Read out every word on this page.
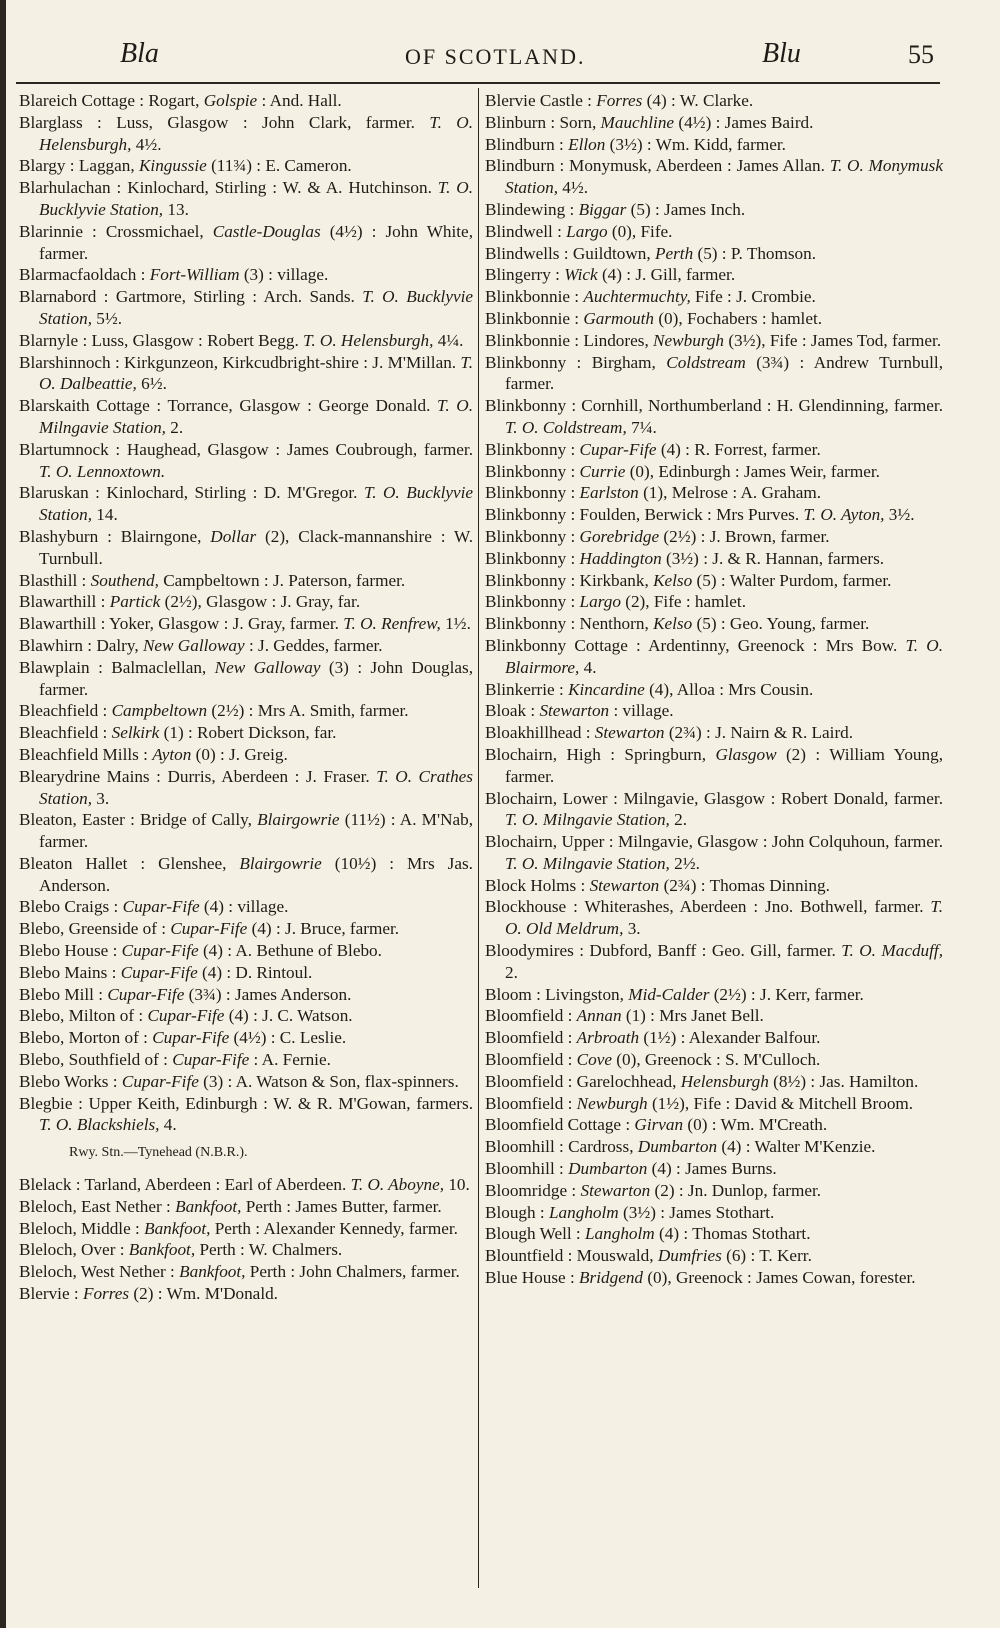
Bla	OF SCOTLAND.	Blu	55
Blareich Cottage : Rogart, Golspie : And. Hall.
Blarglass : Luss, Glasgow : John Clark, farmer. T. O. Helensburgh, 4½.
Blargy : Laggan, Kingussie (11¾) : E. Cameron.
Blarhulachan : Kinlochard, Stirling : W. & A. Hutchinson. T. O. Bucklyvie Station, 13.
Blarinnie : Crossmichael, Castle-Douglas (4½) : John White, farmer.
Blarmacfaoldach : Fort-William (3) : village.
Blarnabord : Gartmore, Stirling : Arch. Sands. T. O. Bucklyvie Station, 5½.
Blarnyle : Luss, Glasgow : Robert Begg. T. O. Helensburgh, 4¼.
Blarshinnoch : Kirkgunzeon, Kirkcudbright-shire : J. M'Millan. T. O. Dalbeattie, 6½.
Blarskaith Cottage : Torrance, Glasgow : George Donald. T. O. Milngavie Station, 2.
Blartumnock : Haughead, Glasgow : James Coubrough, farmer. T. O. Lennoxtown.
Blaruskan : Kinlochard, Stirling : D. M'Gregor. T. O. Bucklyvie Station, 14.
Blashyburn : Blairngone, Dollar (2), Clack-mannanshire : W. Turnbull.
Blasthill : Southend, Campbeltown : J. Paterson, farmer.
Blawarthill : Partick (2½), Glasgow : J. Gray, far.
Blawarthill : Yoker, Glasgow : J. Gray, farmer. T. O. Renfrew, 1½.
Blawhirn : Dalry, New Galloway : J. Geddes, farmer.
Blawplain : Balmaclellan, New Galloway (3) : John Douglas, farmer.
Bleachfield : Campbeltown (2½) : Mrs A. Smith, farmer.
Bleachfield : Selkirk (1) : Robert Dickson, far.
Bleachfield Mills : Ayton (0) : J. Greig.
Blearydrine Mains : Durris, Aberdeen : J. Fraser. T. O. Crathes Station, 3.
Bleaton, Easter : Bridge of Cally, Blairgowrie (11½) : A. M'Nab, farmer.
Bleaton Hallet : Glenshee, Blairgowrie (10½) : Mrs Jas. Anderson.
Blebo Craigs : Cupar-Fife (4) : village.
Blebo, Greenside of : Cupar-Fife (4) : J. Bruce, farmer.
Blebo House : Cupar-Fife (4) : A. Bethune of Blebo.
Blebo Mains : Cupar-Fife (4) : D. Rintoul.
Blebo Mill : Cupar-Fife (3¾) : James Anderson.
Blebo, Milton of : Cupar-Fife (4) : J. C. Watson.
Blebo, Morton of : Cupar-Fife (4½) : C. Leslie.
Blebo, Southfield of : Cupar-Fife : A. Fernie.
Blebo Works : Cupar-Fife (3) : A. Watson & Son, flax-spinners.
Blegbie : Upper Keith, Edinburgh : W. & R. M'Gowan, farmers. T. O. Blackshiels, 4.
Rwy. Stn.—Tynehead (N.B.R.).
Blelack : Tarland, Aberdeen : Earl of Aberdeen. T. O. Aboyne, 10.
Bleloch, East Nether : Bankfoot, Perth : James Butter, farmer.
Bleloch, Middle : Bankfoot, Perth : Alexander Kennedy, farmer.
Bleloch, Over : Bankfoot, Perth : W. Chalmers.
Bleloch, West Nether : Bankfoot, Perth : John Chalmers, farmer.
Blervie : Forres (2) : Wm. M'Donald.
Blervie Castle : Forres (4) : W. Clarke.
Blinburn : Sorn, Mauchline (4½) : James Baird.
Blindburn : Ellon (3½) : Wm. Kidd, farmer.
Blindburn : Monymusk, Aberdeen : James Allan. T. O. Monymusk Station, 4½.
Blindewing : Biggar (5) : James Inch.
Blindwell : Largo (0), Fife.
Blindwells : Guildtown, Perth (5) : P. Thomson.
Blingerry : Wick (4) : J. Gill, farmer.
Blinkbonnie : Auchtermuchty, Fife : J. Crombie.
Blinkbonnie : Garmouth (0), Fochabers : hamlet.
Blinkbonnie : Lindores, Newburgh (3½), Fife : James Tod, farmer.
Blinkbonny : Birgham, Coldstream (3¾) : Andrew Turnbull, farmer.
Blinkbonny : Cornhill, Northumberland : H. Glendinning, farmer. T. O. Coldstream, 7¼.
Blinkbonny : Cupar-Fife (4) : R. Forrest, farmer.
Blinkbonny : Currie (0), Edinburgh : James Weir, farmer.
Blinkbonny : Earlston (1), Melrose : A. Graham.
Blinkbonny : Foulden, Berwick : Mrs Purves. T. O. Ayton, 3½.
Blinkbonny : Gorebridge (2½) : J. Brown, farmer.
Blinkbonny : Haddington (3½) : J. & R. Hannan, farmers.
Blinkbonny : Kirkbank, Kelso (5) : Walter Purdom, farmer.
Blinkbonny : Largo (2), Fife : hamlet.
Blinkbonny : Nenthorn, Kelso (5) : Geo. Young, farmer.
Blinkbonny Cottage : Ardentinny, Greenock : Mrs Bow. T. O. Blairmore, 4.
Blinkerrie : Kincardine (4), Alloa : Mrs Cousin.
Bloak : Stewarton : village.
Bloakhillhead : Stewarton (2¾) : J. Nairn & R. Laird.
Blochairn, High : Springburn, Glasgow (2) : William Young, farmer.
Blochairn, Lower : Milngavie, Glasgow : Robert Donald, farmer. T. O. Milngavie Station, 2.
Blochairn, Upper : Milngavie, Glasgow : John Colquhoun, farmer. T. O. Milngavie Station, 2½.
Block Holms : Stewarton (2¾) : Thomas Dinning.
Blockhouse : Whiterashes, Aberdeen : Jno. Bothwell, farmer. T. O. Old Meldrum, 3.
Bloodymires : Dubford, Banff : Geo. Gill, farmer. T. O. Macduff, 2.
Bloom : Livingston, Mid-Calder (2½) : J. Kerr, farmer.
Bloomfield : Annan (1) : Mrs Janet Bell.
Bloomfield : Arbroath (1½) : Alexander Balfour.
Bloomfield : Cove (0), Greenock : S. M'Culloch.
Bloomfield : Garelochhead, Helensburgh (8½) : Jas. Hamilton.
Bloomfield : Newburgh (1½), Fife : David & Mitchell Broom.
Bloomfield Cottage : Girvan (0) : Wm. M'Creath.
Bloomhill : Cardross, Dumbarton (4) : Walter M'Kenzie.
Bloomhill : Dumbarton (4) : James Burns.
Bloomridge : Stewarton (2) : Jn. Dunlop, farmer.
Blough : Langholm (3½) : James Stothart.
Blough Well : Langholm (4) : Thomas Stothart.
Blountfield : Mouswald, Dumfries (6) : T. Kerr.
Blue House : Bridgend (0), Greenock : James Cowan, forester.
